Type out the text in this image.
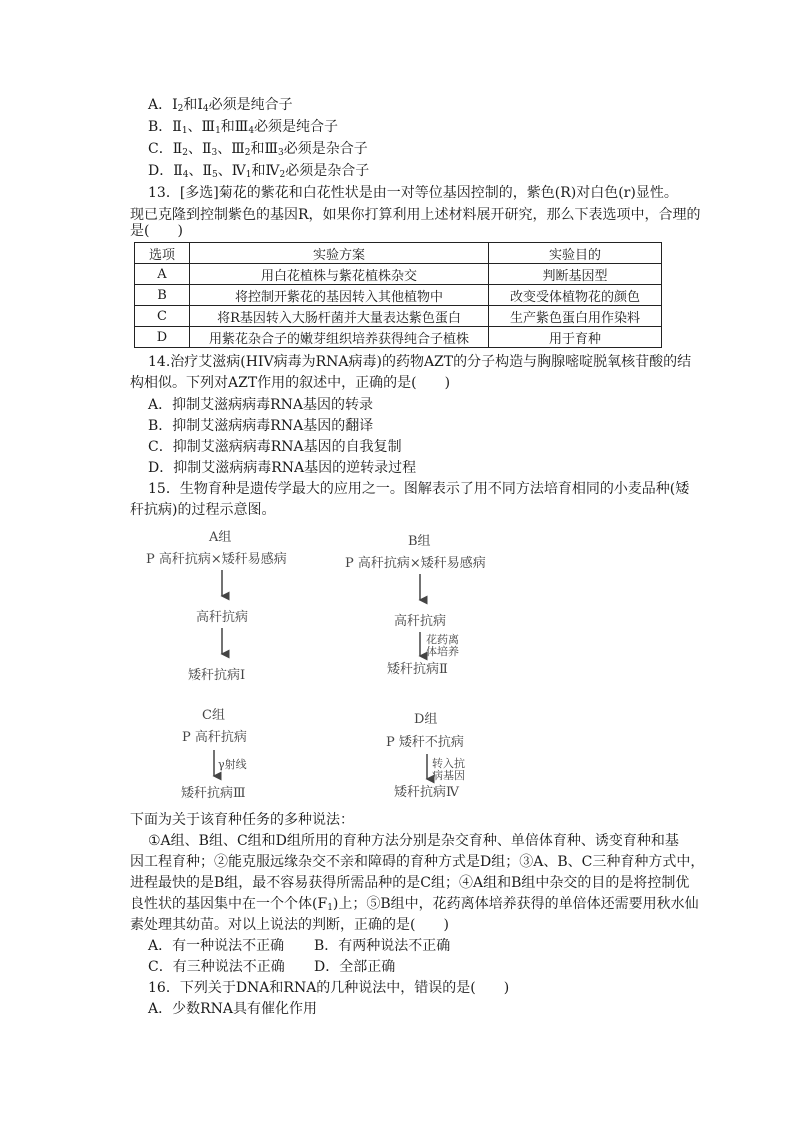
A．$Ⅰ_2$和$Ⅰ_4$必须是纯合子
B．$Ⅱ_1$、$Ⅲ_1$和$Ⅲ_4$必须是纯合子
C．$Ⅱ_2$、$Ⅱ_3$、$Ⅲ_2$和$Ⅲ_3$必须是杂合子
D．$Ⅱ_4$、$Ⅱ_5$、$Ⅳ_1$和$Ⅳ_2$必须是杂合子
13．[多选]菊花的紫花和白花性状是由一对等位基因控制的，紫色(R)对白色(r)显性。
现已克隆到控制紫色的基因R，如果你打算利用上述材料展开研究，那么下表选项中，合理的
是(　　)
选项	实验方案	实验目的
A	用白花植株与紫花植株杂交	判断基因型
B	将控制开紫花的基因转入其他植物中	改变受体植物花的颜色
C	将R基因转入大肠杆菌并大量表达紫色蛋白	生产紫色蛋白用作染料
D	用紫花杂合子的嫩芽组织培养获得纯合子植株	用于育种
14.治疗艾滋病(HIV病毒为RNA病毒)的药物AZT的分子构造与胸腺嘧啶脱氧核苷酸的结
构相似。下列对AZT作用的叙述中，正确的是(　　)
A．抑制艾滋病病毒RNA基因的转录
B．抑制艾滋病病毒RNA基因的翻译
C．抑制艾滋病病毒RNA基因的自我复制
D．抑制艾滋病病毒RNA基因的逆转录过程
15．生物育种是遗传学最大的应用之一。图解表示了用不同方法培育相同的小麦品种(矮
秆抗病)的过程示意图。
A组
P 高秆抗病×矮秆易感病
高秆抗病
矮秆抗病Ⅰ
B组
P 高秆抗病×矮秆易感病
高秆抗病
花药离
体培养
矮秆抗病Ⅱ
C组
P 高秆抗病
γ射线
矮秆抗病Ⅲ
D组
P 矮秆不抗病
转入抗
病基因
矮秆抗病Ⅳ
下面为关于该育种任务的多种说法：
①A组、B组、C组和D组所用的育种方法分别是杂交育种、单倍体育种、诱变育种和基
因工程育种；②能克服远缘杂交不亲和障碍的育种方式是D组；③A、B、C三种育种方式中，
进程最快的是B组，最不容易获得所需品种的是C组；④A组和B组中杂交的目的是将控制优
良性状的基因集中在一个个体$(F_1)$上；⑤B组中，花药离体培养获得的单倍体还需要用秋水仙
素处理其幼苗。对以上说法的判断，正确的是(　　)
A．有一种说法不正确 B．有两种说法不正确
C．有三种说法不正确 D．全部正确
16．下列关于DNA和RNA的几种说法中，错误的是(　　)
A．少数RNA具有催化作用
